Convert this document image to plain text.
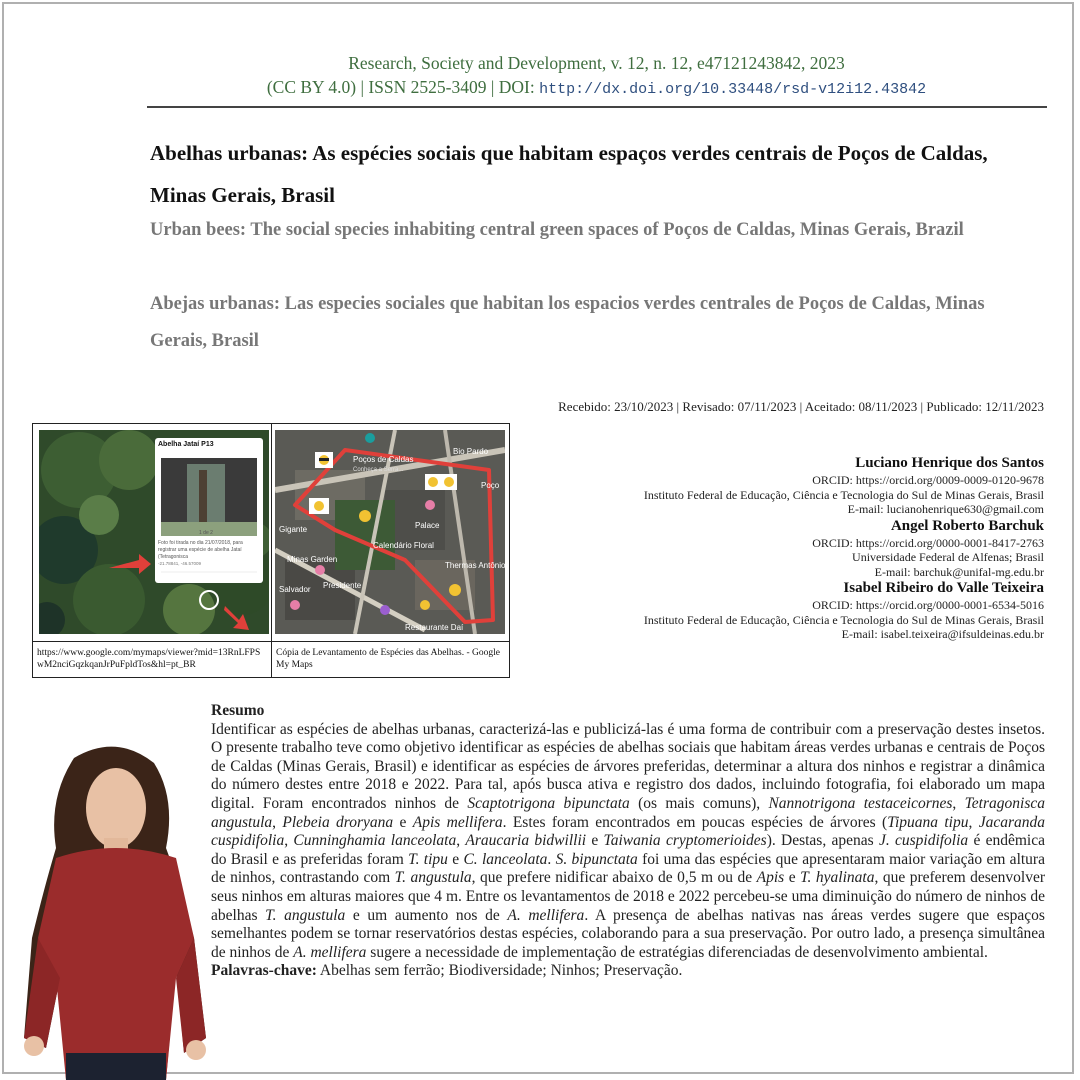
Research, Society and Development, v. 12, n. 12, e47121243842, 2023
(CC BY 4.0) | ISSN 2525-3409 | DOI: http://dx.doi.org/10.33448/rsd-v12i12.43842
Abelhas urbanas: As espécies sociais que habitam espaços verdes centrais de Poços de Caldas, Minas Gerais, Brasil
Urban bees: The social species inhabiting central green spaces of Poços de Caldas, Minas Gerais, Brazil
Abejas urbanas: Las especies sociales que habitan los espacios verdes centrales de Poços de Caldas, Minas Gerais, Brasil
Recebido: 23/10/2023 | Revisado: 07/11/2023 | Aceitado: 08/11/2023 | Publicado: 12/11/2023
Abelha Jataí P13
1 de 2
Foto foi tirada no dia 21/07/2018, para registrar uma espécie de abelha Jataí (Tetragonisca
-21.78841, -46.57009
Poços de Caldas
Conheça a Serra...
Bio Pardo
Palace
Calendário Floral
Minas Garden
Presidente
Thermas Antônio
Restaurante Daí
Salvador
Gigante
Poço
https://www.google.com/mymaps/viewer?mid=13RnLFPSwM2nciGqzkqanJrPuFpldTos&hl=pt_BR
Cópia de Levantamento de Espécies das Abelhas. - Google My Maps
Luciano Henrique dos Santos
ORCID: https://orcid.org/0009-0009-0120-9678
Instituto Federal de Educação, Ciência e Tecnologia do Sul de Minas Gerais, Brasil
E-mail: lucianohenrique630@gmail.com
Angel Roberto Barchuk
ORCID: https://orcid.org/0000-0001-8417-2763
Universidade Federal de Alfenas; Brasil
E-mail: barchuk@unifal-mg.edu.br
Isabel Ribeiro do Valle Teixeira
ORCID: https://orcid.org/0000-0001-6534-5016
Instituto Federal de Educação, Ciência e Tecnologia do Sul de Minas Gerais, Brasil
E-mail: isabel.teixeira@ifsuldeinas.edu.br
Resumo
Identificar as espécies de abelhas urbanas, caracterizá-las e publicizá-las é uma forma de contribuir com a preservação destes insetos. O presente trabalho teve como objetivo identificar as espécies de abelhas sociais que habitam áreas verdes urbanas e centrais de Poços de Caldas (Minas Gerais, Brasil) e identificar as espécies de árvores preferidas, determinar a altura dos ninhos e registrar a dinâmica do número destes entre 2018 e 2022. Para tal, após busca ativa e registro dos dados, incluindo fotografia, foi elaborado um mapa digital. Foram encontrados ninhos de Scaptotrigona bipunctata (os mais comuns), Nannotrigona testaceicornes, Tetragonisca angustula, Plebeia droryana e Apis mellifera. Estes foram encontrados em poucas espécies de árvores (Tipuana tipu, Jacaranda cuspidifolia, Cunninghamia lanceolata, Araucaria bidwillii e Taiwania cryptomerioides). Destas, apenas J. cuspidifolia é endêmica do Brasil e as preferidas foram T. tipu e C. lanceolata. S. bipunctata foi uma das espécies que apresentaram maior variação em altura de ninhos, contrastando com T. angustula, que prefere nidificar abaixo de 0,5 m ou de Apis e T. hyalinata, que preferem desenvolver seus ninhos em alturas maiores que 4 m. Entre os levantamentos de 2018 e 2022 percebeu-se uma diminuição do número de ninhos de abelhas T. angustula e um aumento nos de A. mellifera. A presença de abelhas nativas nas áreas verdes sugere que espaços semelhantes podem se tornar reservatórios destas espécies, colaborando para a sua preservação. Por outro lado, a presença simultânea de ninhos de A. mellifera sugere a necessidade de implementação de estratégias diferenciadas de desenvolvimento ambiental.
Palavras-chave: Abelhas sem ferrão; Biodiversidade; Ninhos; Preservação.
